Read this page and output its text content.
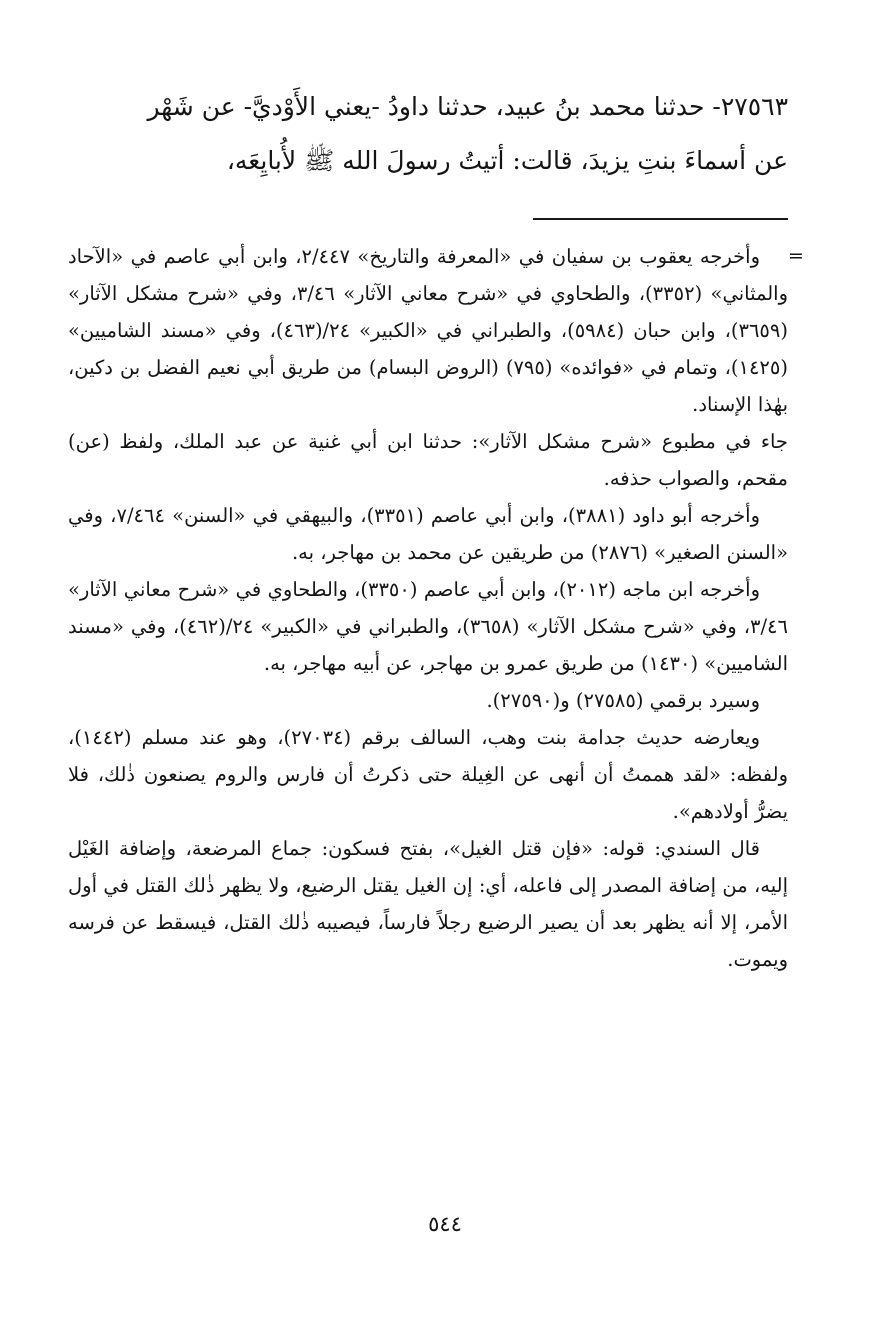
٢٧٥٦٣- حدثنا محمد بنُ عبيد، حدثنا داودُ -يعني الأَوْديَّ- عن شَهْر

عن أسماءَ بنتِ يزيدَ، قالت: أتيتُ رسولَ الله ﷺ لأُبايِعَه،

=

وأخرجه يعقوب بن سفيان في «المعرفة والتاريخ» ٢/٤٤٧، وابن أبي عاصم في «الآحاد والمثاني» (٣٣٥٢)، والطحاوي في «شرح معاني الآثار» ٣/٤٦، وفي «شرح مشكل الآثار» (٣٦٥٩)، وابن حبان (٥٩٨٤)، والطبراني في «الكبير» ٢٤/(٤٦٣)، وفي «مسند الشاميين» (١٤٢٥)، وتمام في «فوائده» (٧٩٥) (الروض البسام) من طريق أبي نعيم الفضل بن دكين، بهٰذا الإسناد.

جاء في مطبوع «شرح مشكل الآثار»: حدثنا ابن أبي غنية عن عبد الملك، ولفظ (عن) مقحم، والصواب حذفه.

وأخرجه أبو داود (٣٨٨١)، وابن أبي عاصم (٣٣٥١)، والبيهقي في «السنن» ٧/٤٦٤، وفي «السنن الصغير» (٢٨٧٦) من طريقين عن محمد بن مهاجر، به.

وأخرجه ابن ماجه (٢٠١٢)، وابن أبي عاصم (٣٣٥٠)، والطحاوي في «شرح معاني الآثار» ٣/٤٦، وفي «شرح مشكل الآثار» (٣٦٥٨)، والطبراني في «الكبير» ٢٤/(٤٦٢)، وفي «مسند الشاميين» (١٤٣٠) من طريق عمرو بن مهاجر، عن أبيه مهاجر، به.

وسيرد برقمي (٢٧٥٨٥) و(٢٧٥٩٠).

ويعارضه حديث جدامة بنت وهب، السالف برقم (٢٧٠٣٤)، وهو عند مسلم (١٤٤٢)، ولفظه: «لقد هممتُ أن أنهى عن الغِيلة حتى ذكرتُ أن فارس والروم يصنعون ذٰلك، فلا يضرُّ أولادهم».

قال السندي: قوله: «فإن قتل الغيل»، بفتح فسكون: جماع المرضعة، وإضافة الغَيْل إليه، من إضافة المصدر إلى فاعله، أي: إن الغيل يقتل الرضيع، ولا يظهر ذٰلك القتل في أول الأمر، إلا أنه يظهر بعد أن يصير الرضيع رجلاً فارساً، فيصيبه ذٰلك القتل، فيسقط عن فرسه ويموت.

٥٤٤
